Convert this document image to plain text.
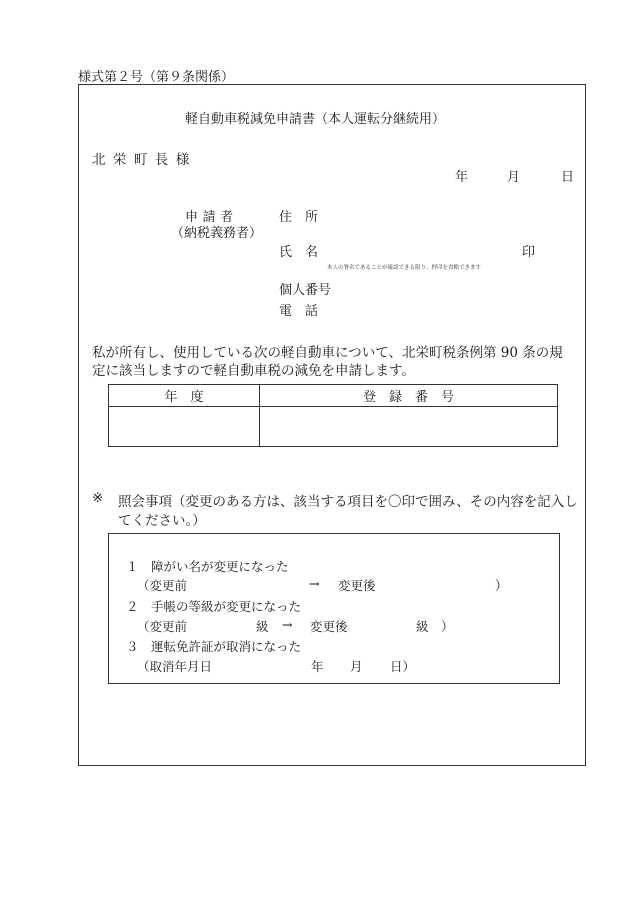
様式第２号（第９条関係）
軽自動車税減免申請書（本人運転分継続用）
北栄町長様
年	月	日
申請者
（納税義務者）
住　所
氏　名	印
本人の署名であることが確認できる限り、押印を省略できます
個人番号
電　話
私が所有し、使用している次の軽自動車について、北栄町税条例第 90 条の規
定に該当しますので軽自動車税の減免を申請します。
年　度	登　録　番　号

※ 照会事項（変更のある方は、該当する項目を〇印で囲み、その内容を記入し
てください。）
１　障がい名が変更になった
（変更前	→ 変更後	）
２　手帳の等級が変更になった
（変更前	級 → 変更後	級　）
３　運転免許証が取消になった
（取消年月日	年 月 日）
